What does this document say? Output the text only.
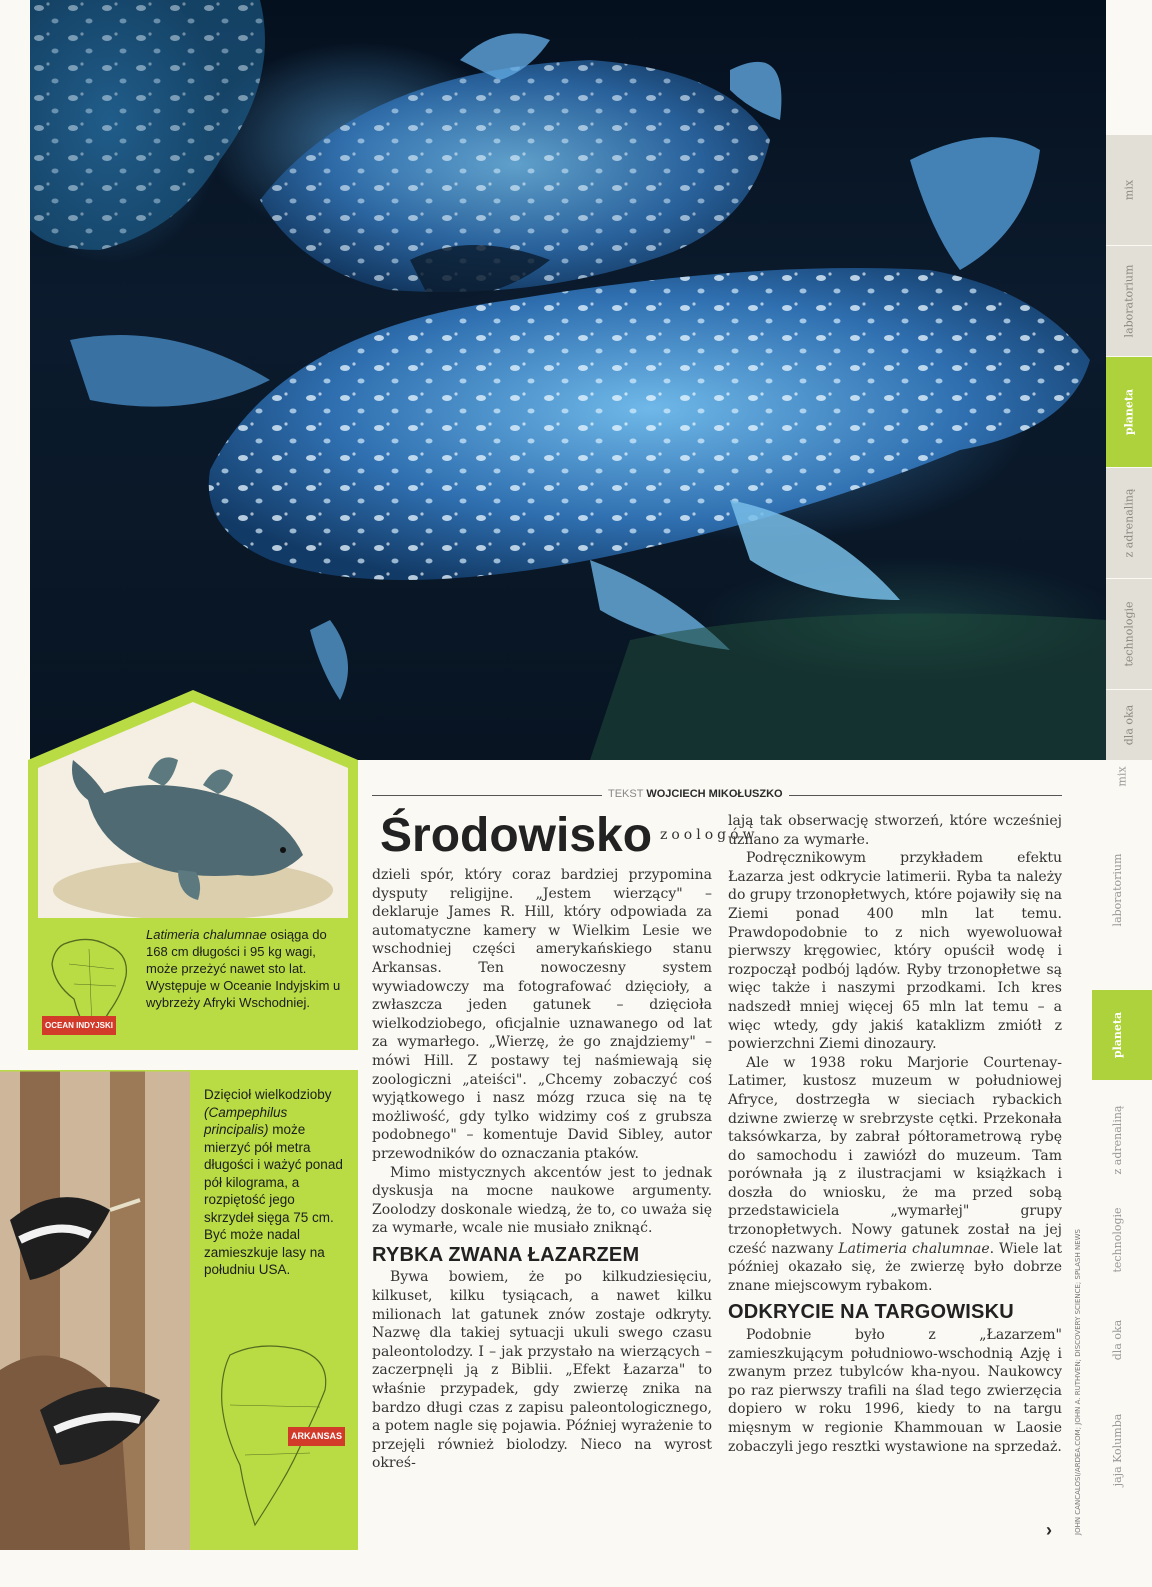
mix
laboratorium
planeta
z adrenaliną
technologie
dla oka
mix
laboratorium
planeta
z adrenaliną
technologie
dla oka
jaja Kolumba
JOHN CANCALOSI/ARDEA.COM; JOHN A. RUTHVEN; DISCOVERY SCIENCE; SPLASH NEWS
OCEAN INDYJSKI
Latimeria chalumnae osiąga do 168 cm długości i 95 kg wagi, może przeżyć nawet sto lat. Występuje w Oceanie Indyjskim u wybrzeży Afryki Wschodniej.
Dzięcioł wielkodzioby (Campephilus principalis) może mierzyć pół metra długości i ważyć ponad pół kilograma, a rozpiętość jego skrzydeł sięga 75 cm. Być może nadal zamieszkuje lasy na południu USA.
ARKANSAS
TEKST WOJCIECH MIKOŁUSZKO
Środowisko zoologów

dzieli spór, który coraz bardziej przypomina dysputy religijne. „Jestem wierzący" – deklaruje James R. Hill, który odpowiada za automatyczne kamery w Wielkim Lesie we wschodniej części amerykańskiego stanu Arkansas. Ten nowoczesny system wywiadowczy ma fotografować dzięcioły, a zwłaszcza jeden gatunek – dzięcioła wielkodziobego, oficjalnie uznawanego od lat za wymarłego. „Wierzę, że go znajdziemy" – mówi Hill. Z postawy tej naśmiewają się zoologiczni „ateiści". „Chcemy zobaczyć coś wyjątkowego i nasz mózg rzuca się na tę możliwość, gdy tylko widzimy coś z grubsza podobnego" – komentuje David Sibley, autor przewodników do oznaczania ptaków.

Mimo mistycznych akcentów jest to jednak dyskusja na mocne naukowe argumenty. Zoolodzy doskonale wiedzą, że to, co uważa się za wymarłe, wcale nie musiało zniknąć.

RYBKA ZWANA ŁAZARZEM

Bywa bowiem, że po kilkudziesięciu, kilkuset, kilku tysiącach, a nawet kilku milionach lat gatunek znów zostaje odkryty. Nazwę dla takiej sytuacji ukuli swego czasu paleontolodzy. I – jak przystało na wierzących – zaczerpnęli ją z Biblii. „Efekt Łazarza" to właśnie przypadek, gdy zwierzę znika na bardzo długi czas z zapisu paleontologicznego, a potem nagle się pojawia. Później wyrażenie to przejęli również biolodzy. Nieco na wyrost okreś-

lają tak obserwację stworzeń, które wcześniej uznano za wymarłe.

Podręcznikowym przykładem efektu Łazarza jest odkrycie latimerii. Ryba ta należy do grupy trzonopłetwych, które pojawiły się na Ziemi ponad 400 mln lat temu. Prawdopodobnie to z nich wyewoluował pierwszy kręgowiec, który opuścił wodę i rozpoczął podbój lądów. Ryby trzonopłetwe są więc także i naszymi przodkami. Ich kres nadszedł mniej więcej 65 mln lat temu – a więc wtedy, gdy jakiś kataklizm zmiótł z powierzchni Ziemi dinozaury.

Ale w 1938 roku Marjorie Courtenay-Latimer, kustosz muzeum w południowej Afryce, dostrzegła w sieciach rybackich dziwne zwierzę w srebrzyste cętki. Przekonała taksówkarza, by zabrał półtorametrową rybę do samochodu i zawiózł do muzeum. Tam porównała ją z ilustracjami w książkach i doszła do wniosku, że ma przed sobą przedstawiciela „wymarłej" grupy trzonopłetwych. Nowy gatunek został na jej cześć nazwany Latimeria chalumnae. Wiele lat później okazało się, że zwierzę było dobrze znane miejscowym rybakom.

ODKRYCIE NA TARGOWISKU

Podobnie było z „Łazarzem" zamieszkującym południowo-wschodnią Azję i zwanym przez tubylców kha-nyou. Naukowcy po raz pierwszy trafili na ślad tego zwierzęcia dopiero w roku 1996, kiedy to na targu mięsnym w regionie Khammouan w Laosie zobaczyli jego resztki wystawione na sprzedaż.

›
